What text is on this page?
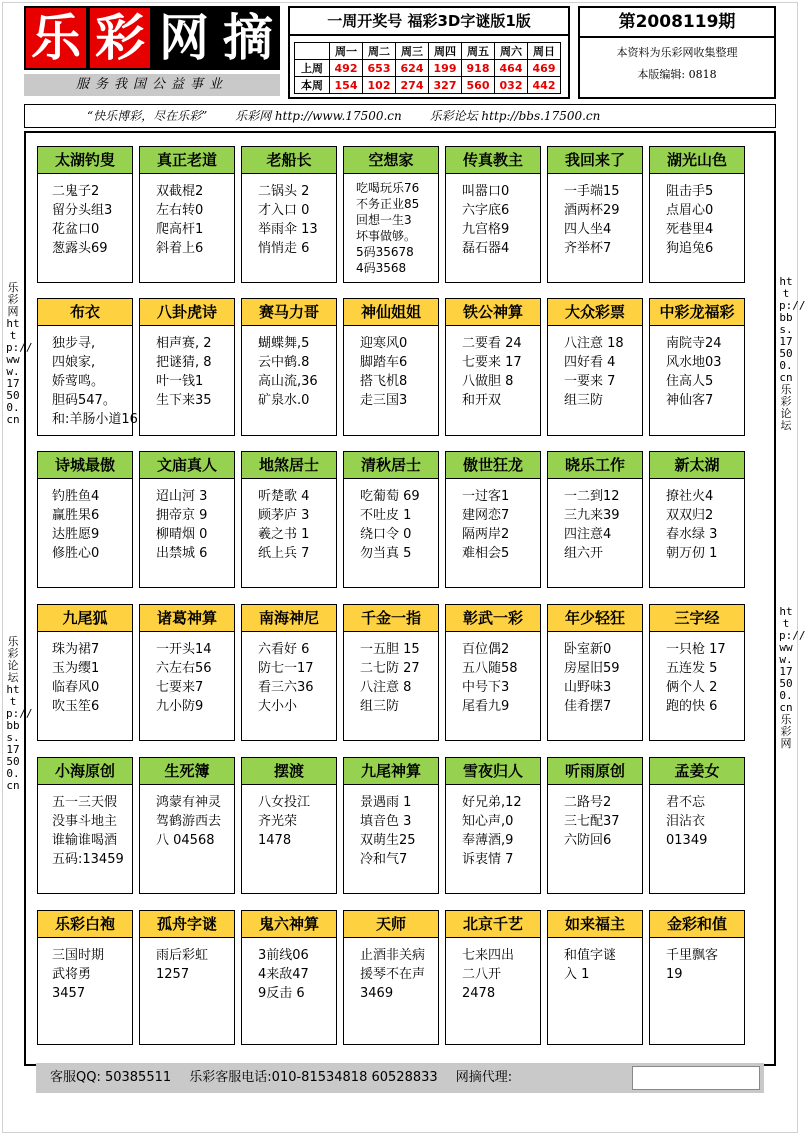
乐 彩 网 摘
服务我国公益事业
一周开奖号 福彩3D字谜版1版
	周一	周二	周三	周四	周五	周六	周日
上周	492	653	624	199	918	464	469
本周	154	102	274	327	560	032	442
第2008119期
本资料为乐彩网收集整理
本版编辑: 0818
“快乐博彩，尽在乐彩” 乐彩网 http://www.17500.cn 乐彩论坛 http://bbs.17500.cn
乐彩网 http://www.17500.cn
乐彩论坛 http://bbs.17500.cn
http://bbs.17500.cn 乐彩论坛
http://www.17500.cn 乐彩网
太湖钓叟
二鬼子2
留分头组3
花盆口0
葱露头69
真正老道
双截棍2
左右转0
爬高杆1
斜着上6
老船长
二锅头 2
才入口 0
举雨伞 13
悄悄走 6
空想家
吃喝玩乐76
不务正业85
回想一生3
坏事做够。
5码35678
4码3568
传真教主
叫嚣口0
六字底6
九宫格9
磊石器4
我回来了
一手端15
酒两杯29
四人坐4
齐举杯7
湖光山色
阻击手5
点眉心0
死巷里4
狗追兔6
布衣
独步寻,
四娘家,
娇莺鸣。
胆码547。
和:羊肠小道16
八卦虎诗
相声赛, 2
把谜猜, 8
叶一钱1
生下来35
赛马力哥
蝴蝶舞,5
云中鹤.8
高山流,36
矿泉水.0
神仙姐姐
迎寒风0
脚踏车6
搭飞机8
走三国3
铁公神算
二要看 24
七要来 17
八做胆 8
和开双
大众彩票
八注意 18
四好看 4
一要来 7
组三防
中彩龙福彩
南院寺24
风水地03
住高人5
神仙客7
诗城最傲
钓胜鱼4
赢胜果6
达胜愿9
修胜心0
文庙真人
迢山河 3
拥帝京 9
柳晴烟 0
出禁城 6
地煞居士
听楚歌 4
顾茅庐 3
羲之书 1
纸上兵 7
清秋居士
吃葡萄 69
不吐皮 1
绕口令 0
勿当真 5
傲世狂龙
一过客1
建网恋7
隔两岸2
难相会5
晓乐工作
一二到12
三九来39
四注意4
组六开
新太湖
撩社火4
双双归2
春水绿 3
朝万仞 1
九尾狐
珠为裙7
玉为缨1
临春风0
吹玉笙6
诸葛神算
一开头14
六左右56
七要来7
九小防9
南海神尼
六看好 6
防七一17
看三六36
大小小
千金一指
一五胆 15
二七防 27
八注意 8
组三防
彰武一彩
百位偶2
五八随58
中号下3
尾看九9
年少轻狂
卧室新0
房屋旧59
山野味3
佳肴摆7
三字经
一只枪 17
五连发 5
俩个人 2
跑的快 6
小海原创
五一三天假
没事斗地主
谁输谁喝酒
五码:13459
生死簿
鸿蒙有神灵
驾鹤游西去
八 04568
摆渡
八女投江
齐光荣
1478
九尾神算
景遇雨 1
填音色 3
双萌生25
冷和气7
雪夜归人
好兄弟,12
知心声,0
奉薄酒,9
诉衷情 7
听雨原创
二路号2
三七配37
六防回6
孟姜女
君不忘
泪沾衣
01349
乐彩白袍
三国时期
武将勇
3457
孤舟字谜
雨后彩虹
1257
鬼六神算
3前线06
4来敌47
9反击 6
天师
止酒非关病
援琴不在声
3469
北京千艺
七来四出
二八开
2478
如来福主
和值字谜
入 1
金彩和值
千里飘客
19
客服QQ: 50385511 乐彩客服电话:010-81534818 60528833 网摘代理:
